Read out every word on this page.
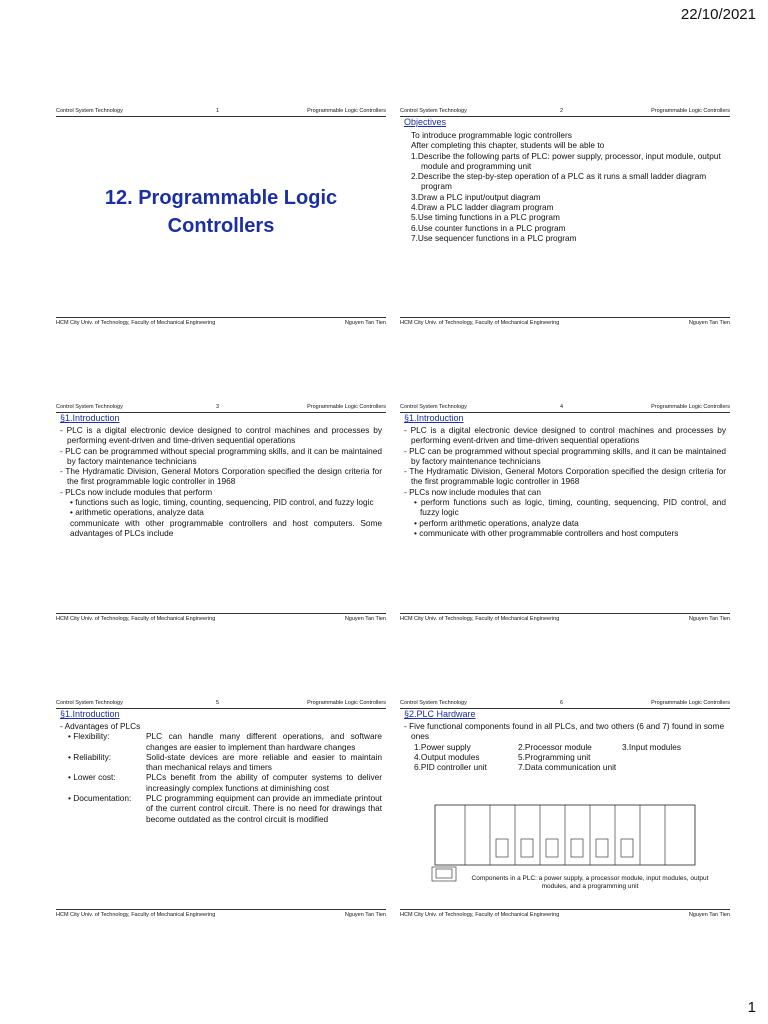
22/10/2021
Control System Technology	1	Programmable Logic Controllers
12. Programmable Logic
Controllers
HCM City Univ. of Technology, Faculty of Mechanical Engineering	Nguyen Tan Tien
Control System Technology	2	Programmable Logic Controllers
Objectives

To introduce programmable logic controllers

After completing this chapter, students will be able to

1.Describe the following parts of PLC: power supply, processor, input module, output module and programming unit

2.Describe the step-by-step operation of a PLC as it runs a small ladder diagram program

3.Draw a PLC input/output diagram

4.Draw a PLC ladder diagram program

5.Use timing functions in a PLC program

6.Use counter functions in a PLC program

7.Use sequencer functions in a PLC program

HCM City Univ. of Technology, Faculty of Mechanical Engineering	Nguyen Tan Tien
Control System Technology	3	Programmable Logic Controllers
§1.Introduction

- PLC is a digital electronic device designed to control machines and processes by performing event-driven and time-driven sequential operations

- PLC can be programmed without special programming skills, and it can be maintained by factory maintenance technicians

- The Hydramatic Division, General Motors Corporation specified the design criteria for the first programmable logic controller in 1968

- PLCs now include modules that perform

• functions such as logic, timing, counting, sequencing, PID control, and fuzzy logic

• arithmetic operations, analyze data

communicate with other programmable controllers and host computers. Some advantages of PLCs include

HCM City Univ. of Technology, Faculty of Mechanical Engineering	Nguyen Tan Tien
Control System Technology	4	Programmable Logic Controllers
§1.Introduction

- PLC is a digital electronic device designed to control machines and processes by performing event-driven and time-driven sequential operations

- PLC can be programmed without special programming skills, and it can be maintained by factory maintenance technicians

- The Hydramatic Division, General Motors Corporation specified the design criteria for the first programmable logic controller in 1968

- PLCs now include modules that can

• perform functions such as logic, timing, counting, sequencing, PID control, and fuzzy logic

• perform arithmetic operations, analyze data

• communicate with other programmable controllers and host computers

HCM City Univ. of Technology, Faculty of Mechanical Engineering	Nguyen Tan Tien
Control System Technology	5	Programmable Logic Controllers
§1.Introduction

- Advantages of PLCs

• Flexibility:	PLC can handle many different operations, and software changes are easier to implement than hardware changes
• Reliability:	Solid-state devices are more reliable and easier to maintain than mechanical relays and timers
• Lower cost:	PLCs benefit from the ability of computer systems to deliver increasingly complex functions at diminishing cost
• Documentation:	PLC programming equipment can provide an immediate printout of the current control circuit. There is no need for drawings that become outdated as the control circuit is modified
HCM City Univ. of Technology, Faculty of Mechanical Engineering	Nguyen Tan Tien
Control System Technology	6	Programmable Logic Controllers
§2.PLC Hardware

- Five functional components found in all PLCs, and two others (6 and 7) found in some ones

1.Power supply	2.Processor module	3.Input modules
4.Output modules	5.Programming unit
6.PID controller unit	7.Data communication unit
Components in a PLC: a power supply, a processor module, input modules, output modules, and a programming unit
HCM City Univ. of Technology, Faculty of Mechanical Engineering	Nguyen Tan Tien
1
